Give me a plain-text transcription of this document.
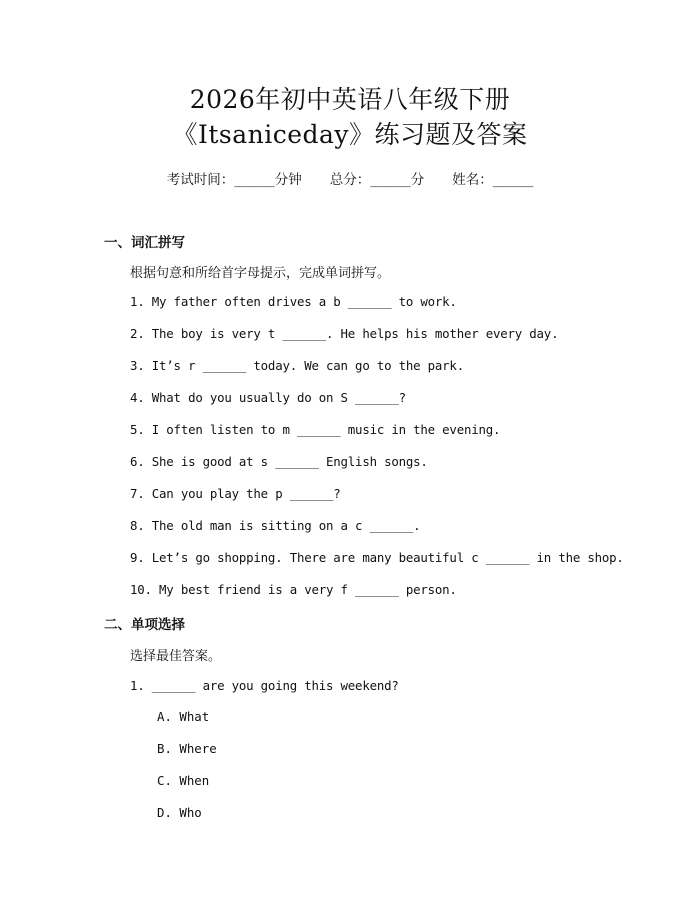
2026年初中英语八年级下册
《Itsaniceday》练习题及答案
考试时间：______分钟 总分：______分 姓名：______
一、词汇拼写
根据句意和所给首字母提示，完成单词拼写。
1. My father often drives a b ______ to work.
2. The boy is very t ______. He helps his mother every day.
3. It’s r ______ today. We can go to the park.
4. What do you usually do on S ______?
5. I often listen to m ______ music in the evening.
6. She is good at s ______ English songs.
7. Can you play the p ______?
8. The old man is sitting on a c ______.
9. Let’s go shopping. There are many beautiful c ______ in the shop.
10. My best friend is a very f ______ person.
二、单项选择
选择最佳答案。
1. ______ are you going this weekend?
A. What
B. Where
C. When
D. Who
